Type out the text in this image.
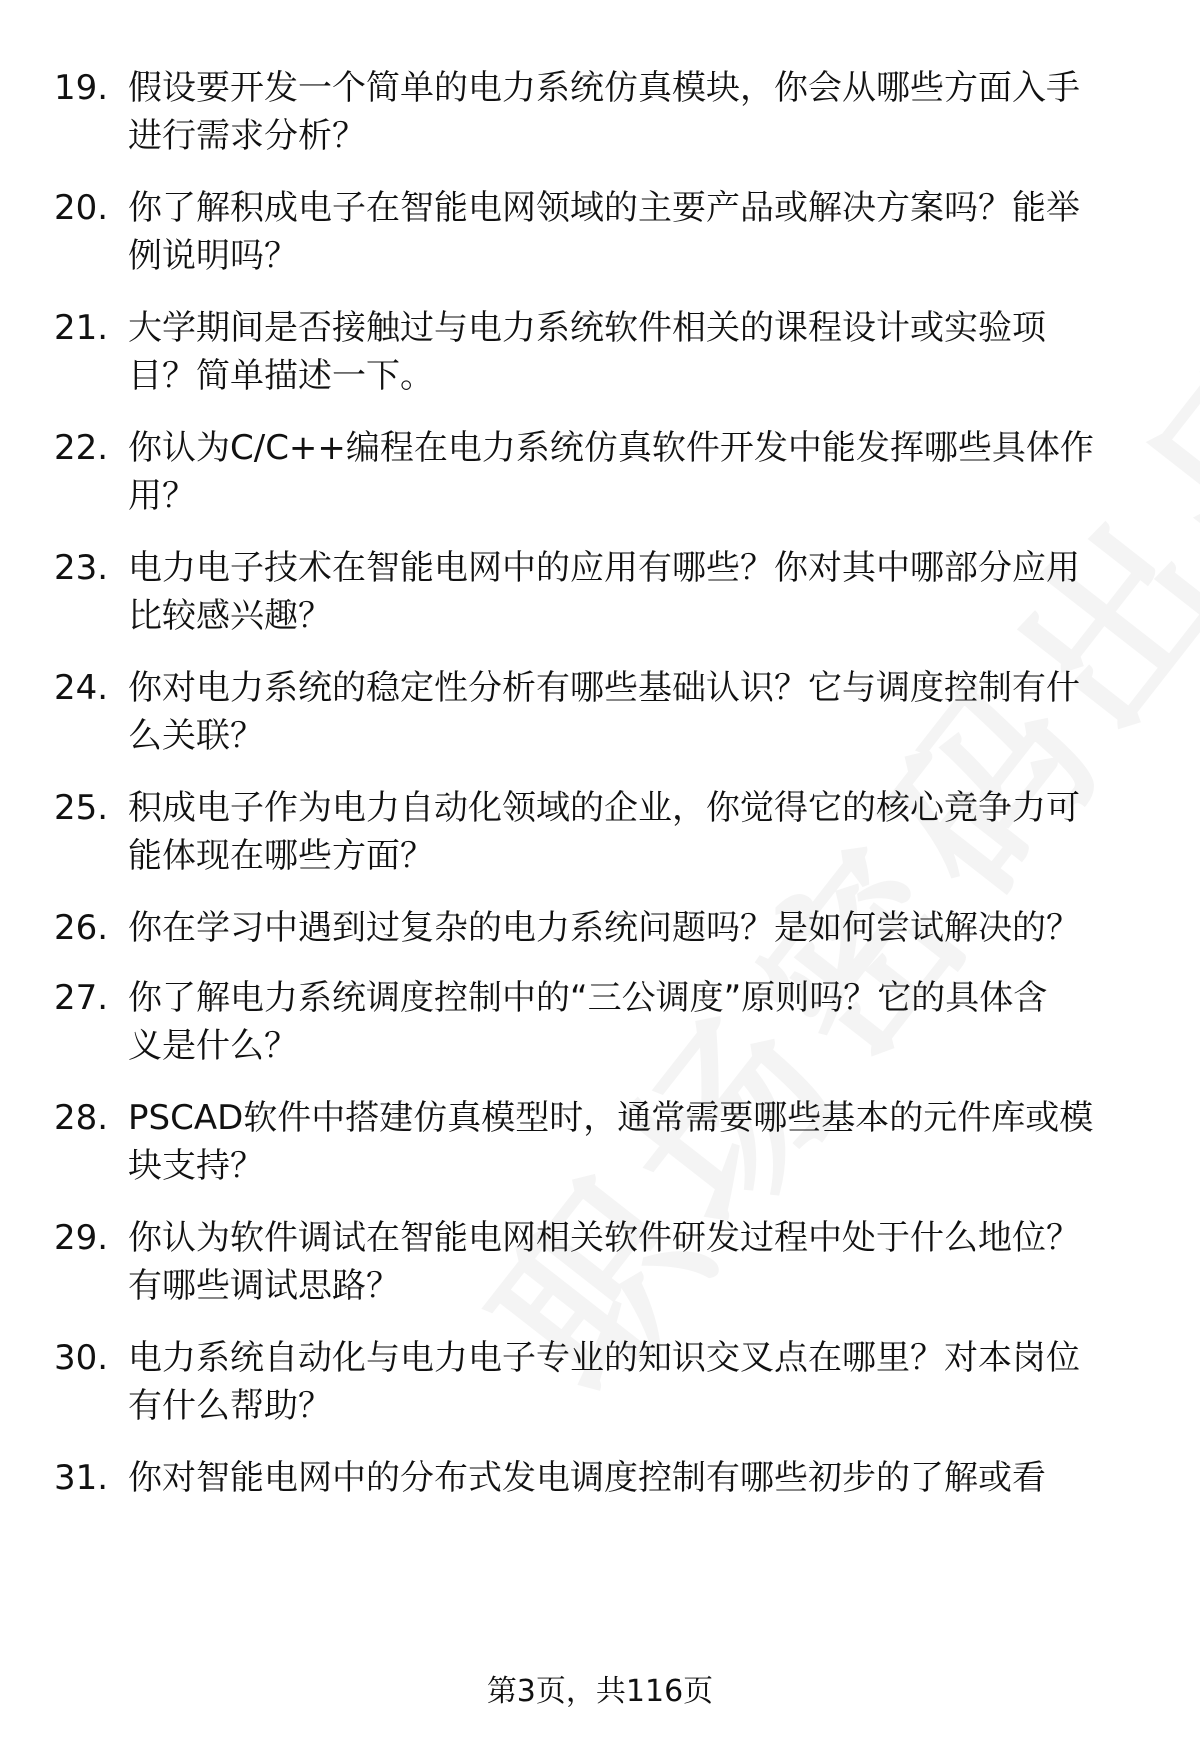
19. 假设要开发一个简单的电力系统仿真模块，你会从哪些方面入手
进行需求分析？
20. 你了解积成电子在智能电网领域的主要产品或解决方案吗？能举
例说明吗？
21. 大学期间是否接触过与电力系统软件相关的课程设计或实验项
目？简单描述一下。
22. 你认为C/C++编程在电力系统仿真软件开发中能发挥哪些具体作
用？
23. 电力电子技术在智能电网中的应用有哪些？你对其中哪部分应用
比较感兴趣？
24. 你对电力系统的稳定性分析有哪些基础认识？它与调度控制有什
么关联？
25. 积成电子作为电力自动化领域的企业，你觉得它的核心竞争力可
能体现在哪些方面？
26. 你在学习中遇到过复杂的电力系统问题吗？是如何尝试解决的？
27. 你了解电力系统调度控制中的“三公调度”原则吗？它的具体含
义是什么？
28. PSCAD软件中搭建仿真模型时，通常需要哪些基本的元件库或模
块支持？
29. 你认为软件调试在智能电网相关软件研发过程中处于什么地位？
有哪些调试思路？
30. 电力系统自动化与电力电子专业的知识交叉点在哪里？对本岗位
有什么帮助？
31. 你对智能电网中的分布式发电调度控制有哪些初步的了解或看
第3页，共116页
